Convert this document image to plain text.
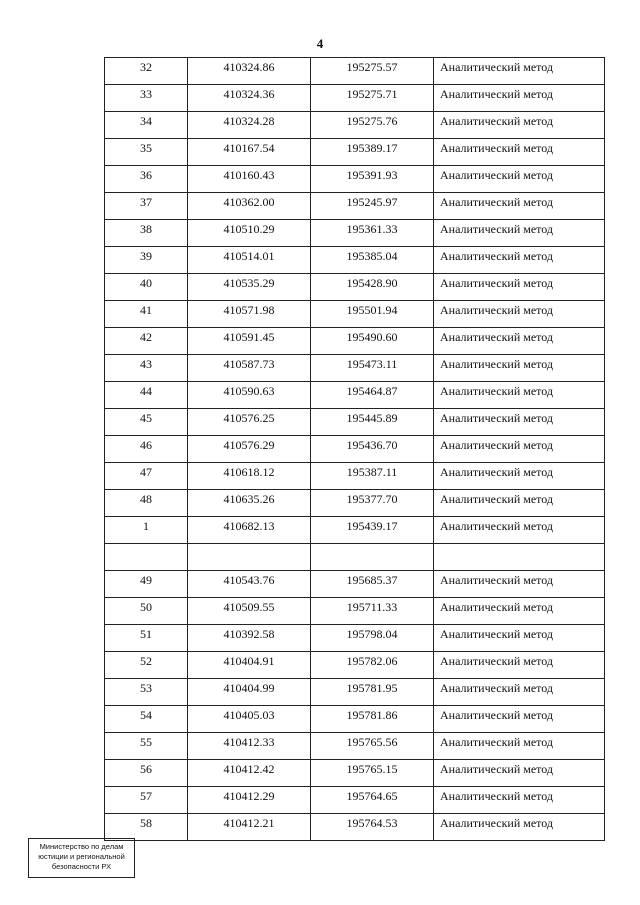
4
32	410324.86	195275.57	Аналитический метод
33	410324.36	195275.71	Аналитический метод
34	410324.28	195275.76	Аналитический метод
35	410167.54	195389.17	Аналитический метод
36	410160.43	195391.93	Аналитический метод
37	410362.00	195245.97	Аналитический метод
38	410510.29	195361.33	Аналитический метод
39	410514.01	195385.04	Аналитический метод
40	410535.29	195428.90	Аналитический метод
41	410571.98	195501.94	Аналитический метод
42	410591.45	195490.60	Аналитический метод
43	410587.73	195473.11	Аналитический метод
44	410590.63	195464.87	Аналитический метод
45	410576.25	195445.89	Аналитический метод
46	410576.29	195436.70	Аналитический метод
47	410618.12	195387.11	Аналитический метод
48	410635.26	195377.70	Аналитический метод
1	410682.13	195439.17	Аналитический метод

49	410543.76	195685.37	Аналитический метод
50	410509.55	195711.33	Аналитический метод
51	410392.58	195798.04	Аналитический метод
52	410404.91	195782.06	Аналитический метод
53	410404.99	195781.95	Аналитический метод
54	410405.03	195781.86	Аналитический метод
55	410412.33	195765.56	Аналитический метод
56	410412.42	195765.15	Аналитический метод
57	410412.29	195764.65	Аналитический метод
58	410412.21	195764.53	Аналитический метод
Министерство по делам
юстиции и региональной
безопасности РХ
